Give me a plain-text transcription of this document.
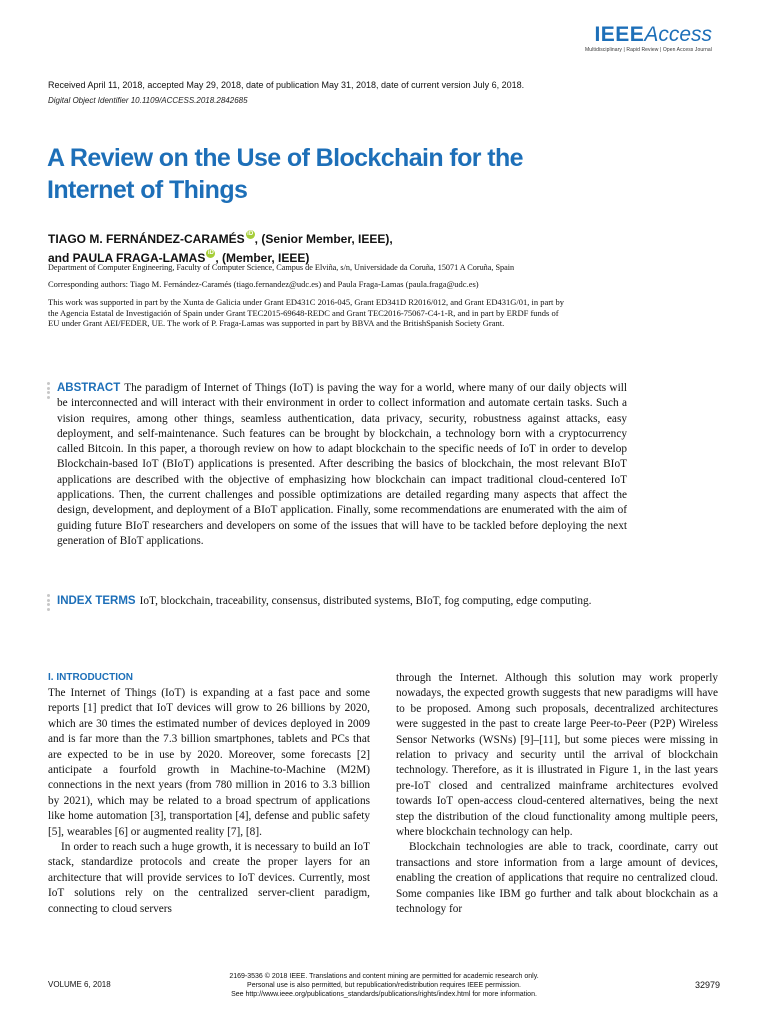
IEEEAccess
Multidisciplinary | Rapid Review | Open Access Journal
Received April 11, 2018, accepted May 29, 2018, date of publication May 31, 2018, date of current version July 6, 2018.
Digital Object Identifier 10.1109/ACCESS.2018.2842685
A Review on the Use of Blockchain for the Internet of Things
TIAGO M. FERNÁNDEZ-CARAMÉS iD , (Senior Member, IEEE),
and PAULA FRAGA-LAMAS iD , (Member, IEEE)
Department of Computer Engineering, Faculty of Computer Science, Campus de Elviña, s/n, Universidade da Coruña, 15071 A Coruña, Spain
Corresponding authors: Tiago M. Fernández-Caramés (tiago.fernandez@udc.es) and Paula Fraga-Lamas (paula.fraga@udc.es)
This work was supported in part by the Xunta de Galicia under Grant ED431C 2016-045, Grant ED341D R2016/012, and Grant ED431G/01, in part by the Agencia Estatal de Investigación of Spain under Grant TEC2015-69648-REDC and Grant TEC2016-75067-C4-1-R, and in part by ERDF funds of EU under Grant AEI/FEDER, UE. The work of P. Fraga-Lamas was supported in part by BBVA and the BritishSpanish Society Grant.

ABSTRACT The paradigm of Internet of Things (IoT) is paving the way for a world, where many of our daily objects will be interconnected and will interact with their environment in order to collect information and automate certain tasks. Such a vision requires, among other things, seamless authentication, data privacy, security, robustness against attacks, easy deployment, and self-maintenance. Such features can be brought by blockchain, a technology born with a cryptocurrency called Bitcoin. In this paper, a thorough review on how to adapt blockchain to the specific needs of IoT in order to develop Blockchain-based IoT (BIoT) applications is presented. After describing the basics of blockchain, the most relevant BIoT applications are described with the objective of emphasizing how blockchain can impact traditional cloud-centered IoT applications. Then, the current challenges and possible optimizations are detailed regarding many aspects that affect the design, development, and deployment of a BIoT application. Finally, some recommendations are enumerated with the aim of guiding future BIoT researchers and developers on some of the issues that will have to be tackled before deploying the next generation of BIoT applications.

INDEX TERMS IoT, blockchain, traceability, consensus, distributed systems, BIoT, fog computing, edge computing.

I. INTRODUCTION

The Internet of Things (IoT) is expanding at a fast pace and some reports [1] predict that IoT devices will grow to 26 billions by 2020, which are 30 times the estimated number of devices deployed in 2009 and is far more than the 7.3 billion smartphones, tablets and PCs that are expected to be in use by 2020. Moreover, some forecasts [2] anticipate a fourfold growth in Machine-to-Machine (M2M) connections in the next years (from 780 million in 2016 to 3.3 billion by 2021), which may be related to a broad spectrum of applications like home automation [3], transportation [4], defense and public safety [5], wearables [6] or augmented reality [7], [8].

In order to reach such a huge growth, it is necessary to build an IoT stack, standardize protocols and create the proper layers for an architecture that will provide services to IoT devices. Currently, most IoT solutions rely on the centralized server-client paradigm, connecting to cloud servers

through the Internet. Although this solution may work properly nowadays, the expected growth suggests that new paradigms will have to be proposed. Among such proposals, decentralized architectures were suggested in the past to create large Peer-to-Peer (P2P) Wireless Sensor Networks (WSNs) [9]–[11], but some pieces were missing in relation to privacy and security until the arrival of blockchain technology. Therefore, as it is illustrated in Figure 1, in the last years pre-IoT closed and centralized mainframe architectures evolved towards IoT open-access cloud-centered alternatives, being the next step the distribution of the cloud functionality among multiple peers, where blockchain technology can help.

Blockchain technologies are able to track, coordinate, carry out transactions and store information from a large amount of devices, enabling the creation of applications that require no centralized cloud. Some companies like IBM go further and talk about blockchain as a technology for

VOLUME 6, 2018
2169-3536 © 2018 IEEE. Translations and content mining are permitted for academic research only.
Personal use is also permitted, but republication/redistribution requires IEEE permission.
See http://www.ieee.org/publications_standards/publications/rights/index.html for more information.
32979
